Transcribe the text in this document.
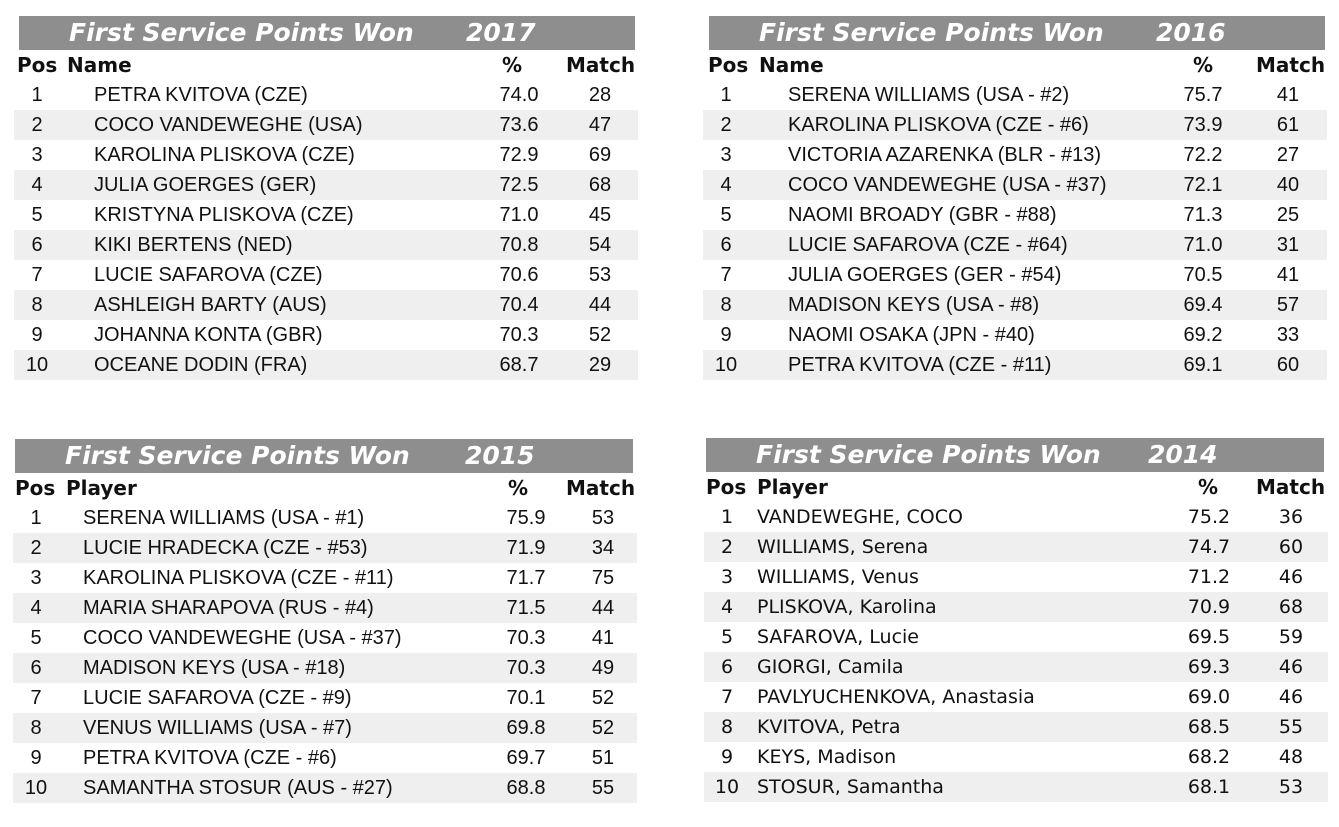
First Service Points Won 2017
Pos Name	% Match
1	PETRA KVITOVA (CZE)	74.0	28
2	COCO VANDEWEGHE (USA)	73.6	47
3	KAROLINA PLISKOVA (CZE)	72.9	69
4	JULIA GOERGES (GER)	72.5	68
5	KRISTYNA PLISKOVA (CZE)	71.0	45
6	KIKI BERTENS (NED)	70.8	54
7	LUCIE SAFAROVA (CZE)	70.6	53
8	ASHLEIGH BARTY (AUS)	70.4	44
9	JOHANNA KONTA (GBR)	70.3	52
10	OCEANE DODIN (FRA)	68.7	29
First Service Points Won 2016
Pos Name	% Match
1	SERENA WILLIAMS (USA - #2)	75.7	41
2	KAROLINA PLISKOVA (CZE - #6)	73.9	61
3	VICTORIA AZARENKA (BLR - #13)	72.2	27
4	COCO VANDEWEGHE (USA - #37)	72.1	40
5	NAOMI BROADY (GBR - #88)	71.3	25
6	LUCIE SAFAROVA (CZE - #64)	71.0	31
7	JULIA GOERGES (GER - #54)	70.5	41
8	MADISON KEYS (USA - #8)	69.4	57
9	NAOMI OSAKA (JPN - #40)	69.2	33
10	PETRA KVITOVA (CZE - #11)	69.1	60
First Service Points Won 2015
Pos Player	% Match
1	SERENA WILLIAMS (USA - #1)	75.9	53
2	LUCIE HRADECKA (CZE - #53)	71.9	34
3	KAROLINA PLISKOVA (CZE - #11)	71.7	75
4	MARIA SHARAPOVA (RUS - #4)	71.5	44
5	COCO VANDEWEGHE (USA - #37)	70.3	41
6	MADISON KEYS (USA - #18)	70.3	49
7	LUCIE SAFAROVA (CZE - #9)	70.1	52
8	VENUS WILLIAMS (USA - #7)	69.8	52
9	PETRA KVITOVA (CZE - #6)	69.7	51
10	SAMANTHA STOSUR (AUS - #27)	68.8	55
First Service Points Won 2014
Pos Player	% Match
1	VANDEWEGHE, COCO	75.2	36
2	WILLIAMS, Serena	74.7	60
3	WILLIAMS, Venus	71.2	46
4	PLISKOVA, Karolina	70.9	68
5	SAFAROVA, Lucie	69.5	59
6	GIORGI, Camila	69.3	46
7	PAVLYUCHENKOVA, Anastasia	69.0	46
8	KVITOVA, Petra	68.5	55
9	KEYS, Madison	68.2	48
10 STOSUR, Samantha	68.1	53
